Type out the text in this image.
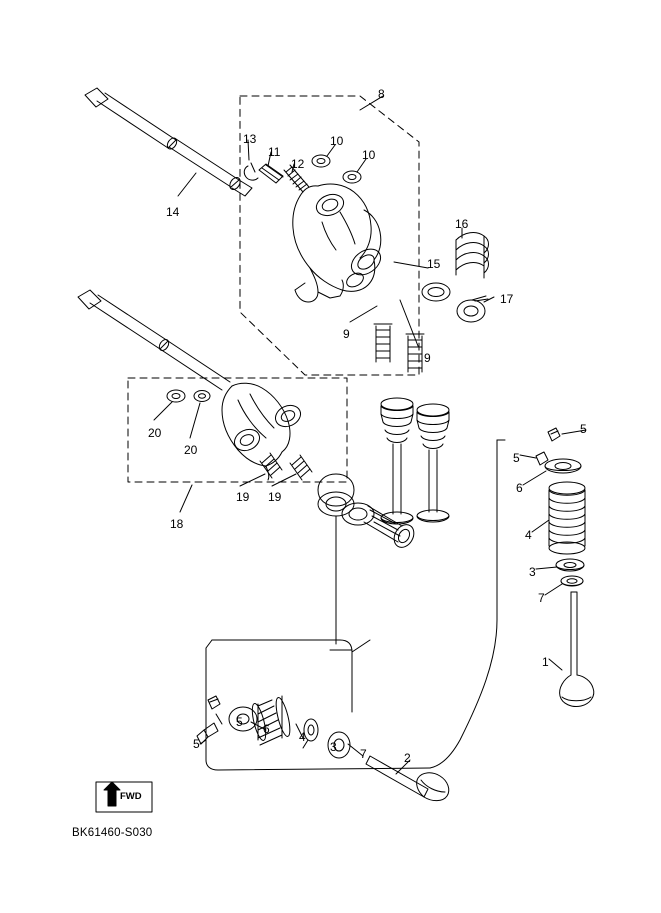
8
13	10
10
11
12
14
16
15
17
9
9
20
20
5
5
6
4
3
7
1
19 19
18
5 6
4
3 7	2
5
FWD
BK61460-S030
